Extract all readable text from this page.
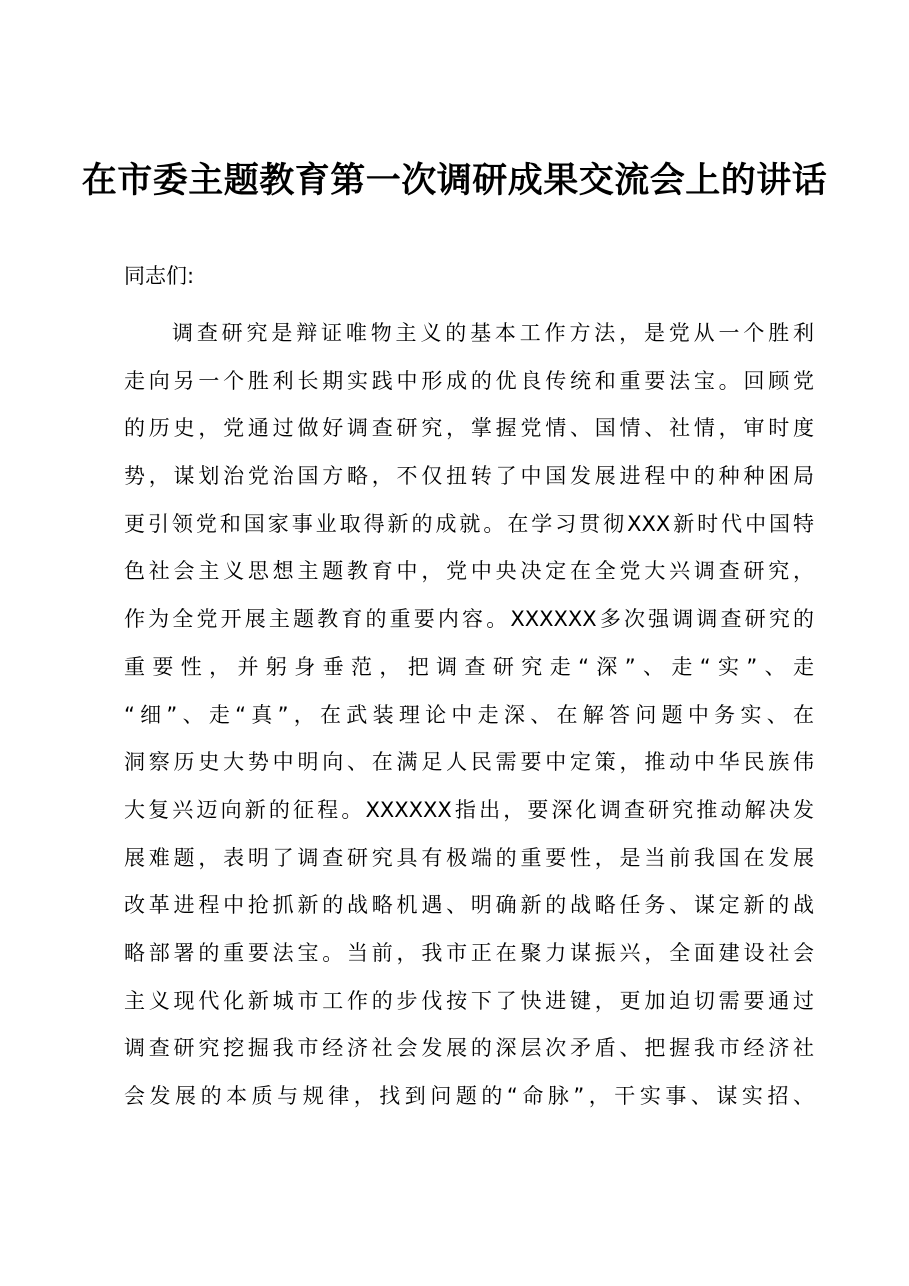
在市委主题教育第一次调研成果交流会上的讲话
同志们:
调查研究是辩证唯物主义的基本工作方法，是党从一个胜利
走向另一个胜利长期实践中形成的优良传统和重要法宝。回顾党
的历史，党通过做好调查研究，掌握党情、国情、社情，审时度
势，谋划治党治国方略，不仅扭转了中国发展进程中的种种困局
更引领党和国家事业取得新的成就。在学习贯彻XXX新时代中国特
色社会主义思想主题教育中，党中央决定在全党大兴调查研究，
作为全党开展主题教育的重要内容。XXXXXX多次强调调查研究的
重要性，并躬身垂范，把调查研究走“深”、走“实”、走
“细”、走“真”，在武装理论中走深、在解答问题中务实、在
洞察历史大势中明向、在满足人民需要中定策，推动中华民族伟
大复兴迈向新的征程。XXXXXX指出，要深化调查研究推动解决发
展难题，表明了调查研究具有极端的重要性，是当前我国在发展
改革进程中抢抓新的战略机遇、明确新的战略任务、谋定新的战
略部署的重要法宝。当前，我市正在聚力谋振兴，全面建设社会
主义现代化新城市工作的步伐按下了快进键，更加迫切需要通过
调查研究挖掘我市经济社会发展的深层次矛盾、把握我市经济社
会发展的本质与规律，找到问题的“命脉”，干实事、谋实招、
